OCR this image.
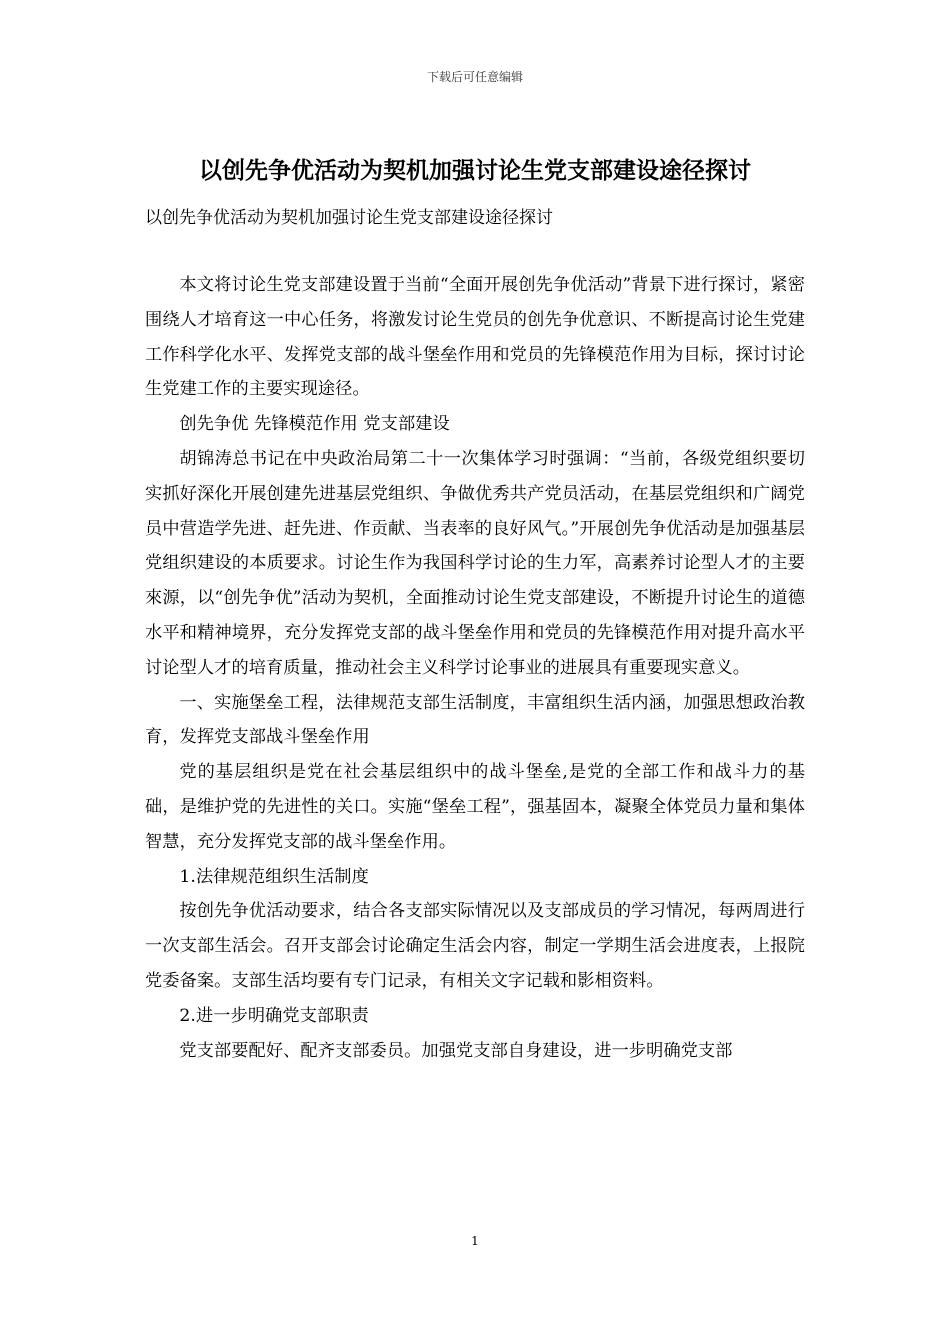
下载后可任意编辑
以创先争优活动为契机加强讨论生党支部建设途径探讨
以创先争优活动为契机加强讨论生党支部建设途径探讨

本文将讨论生党支部建设置于当前“全面开展创先争优活动”背景下进行探讨，紧密围绕人才培育这一中心任务，将激发讨论生党员的创先争优意识、不断提高讨论生党建工作科学化水平、发挥党支部的战斗堡垒作用和党员的先锋模范作用为目标，探讨讨论生党建工作的主要实现途径。

创先争优 先锋模范作用 党支部建设

胡锦涛总书记在中央政治局第二十一次集体学习时强调：“当前，各级党组织要切实抓好深化开展创建先进基层党组织、争做优秀共产党员活动，在基层党组织和广阔党员中营造学先进、赶先进、作贡献、当表率的良好风气。”开展创先争优活动是加强基层党组织建设的本质要求。讨论生作为我国科学讨论的生力军，高素养讨论型人才的主要來源，以“创先争优”活动为契机，全面推动讨论生党支部建设，不断提升讨论生的道德水平和精神境界，充分发挥党支部的战斗堡垒作用和党员的先锋模范作用对提升高水平讨论型人才的培育质量，推动社会主义科学讨论事业的进展具有重要现实意义。

一、实施堡垒工程，法律规范支部生活制度，丰富组织生活内涵，加强思想政治教育，发挥党支部战斗堡垒作用

党的基层组织是党在社会基层组织中的战斗堡垒,是党的全部工作和战斗力的基础，是维护党的先进性的关口。实施“堡垒工程”，强基固本，凝聚全体党员力量和集体智慧，充分发挥党支部的战斗堡垒作用。

1.法律规范组织生活制度

按创先争优活动要求，结合各支部实际情况以及支部成员的学习情况，每两周进行一次支部生活会。召开支部会讨论确定生活会内容，制定一学期生活会进度表，上报院党委备案。支部生活均要有专门记录，有相关文字记载和影相资料。

2.进一步明确党支部职责

党支部要配好、配齐支部委员。加强党支部自身建设，进一步明确党支部

1
